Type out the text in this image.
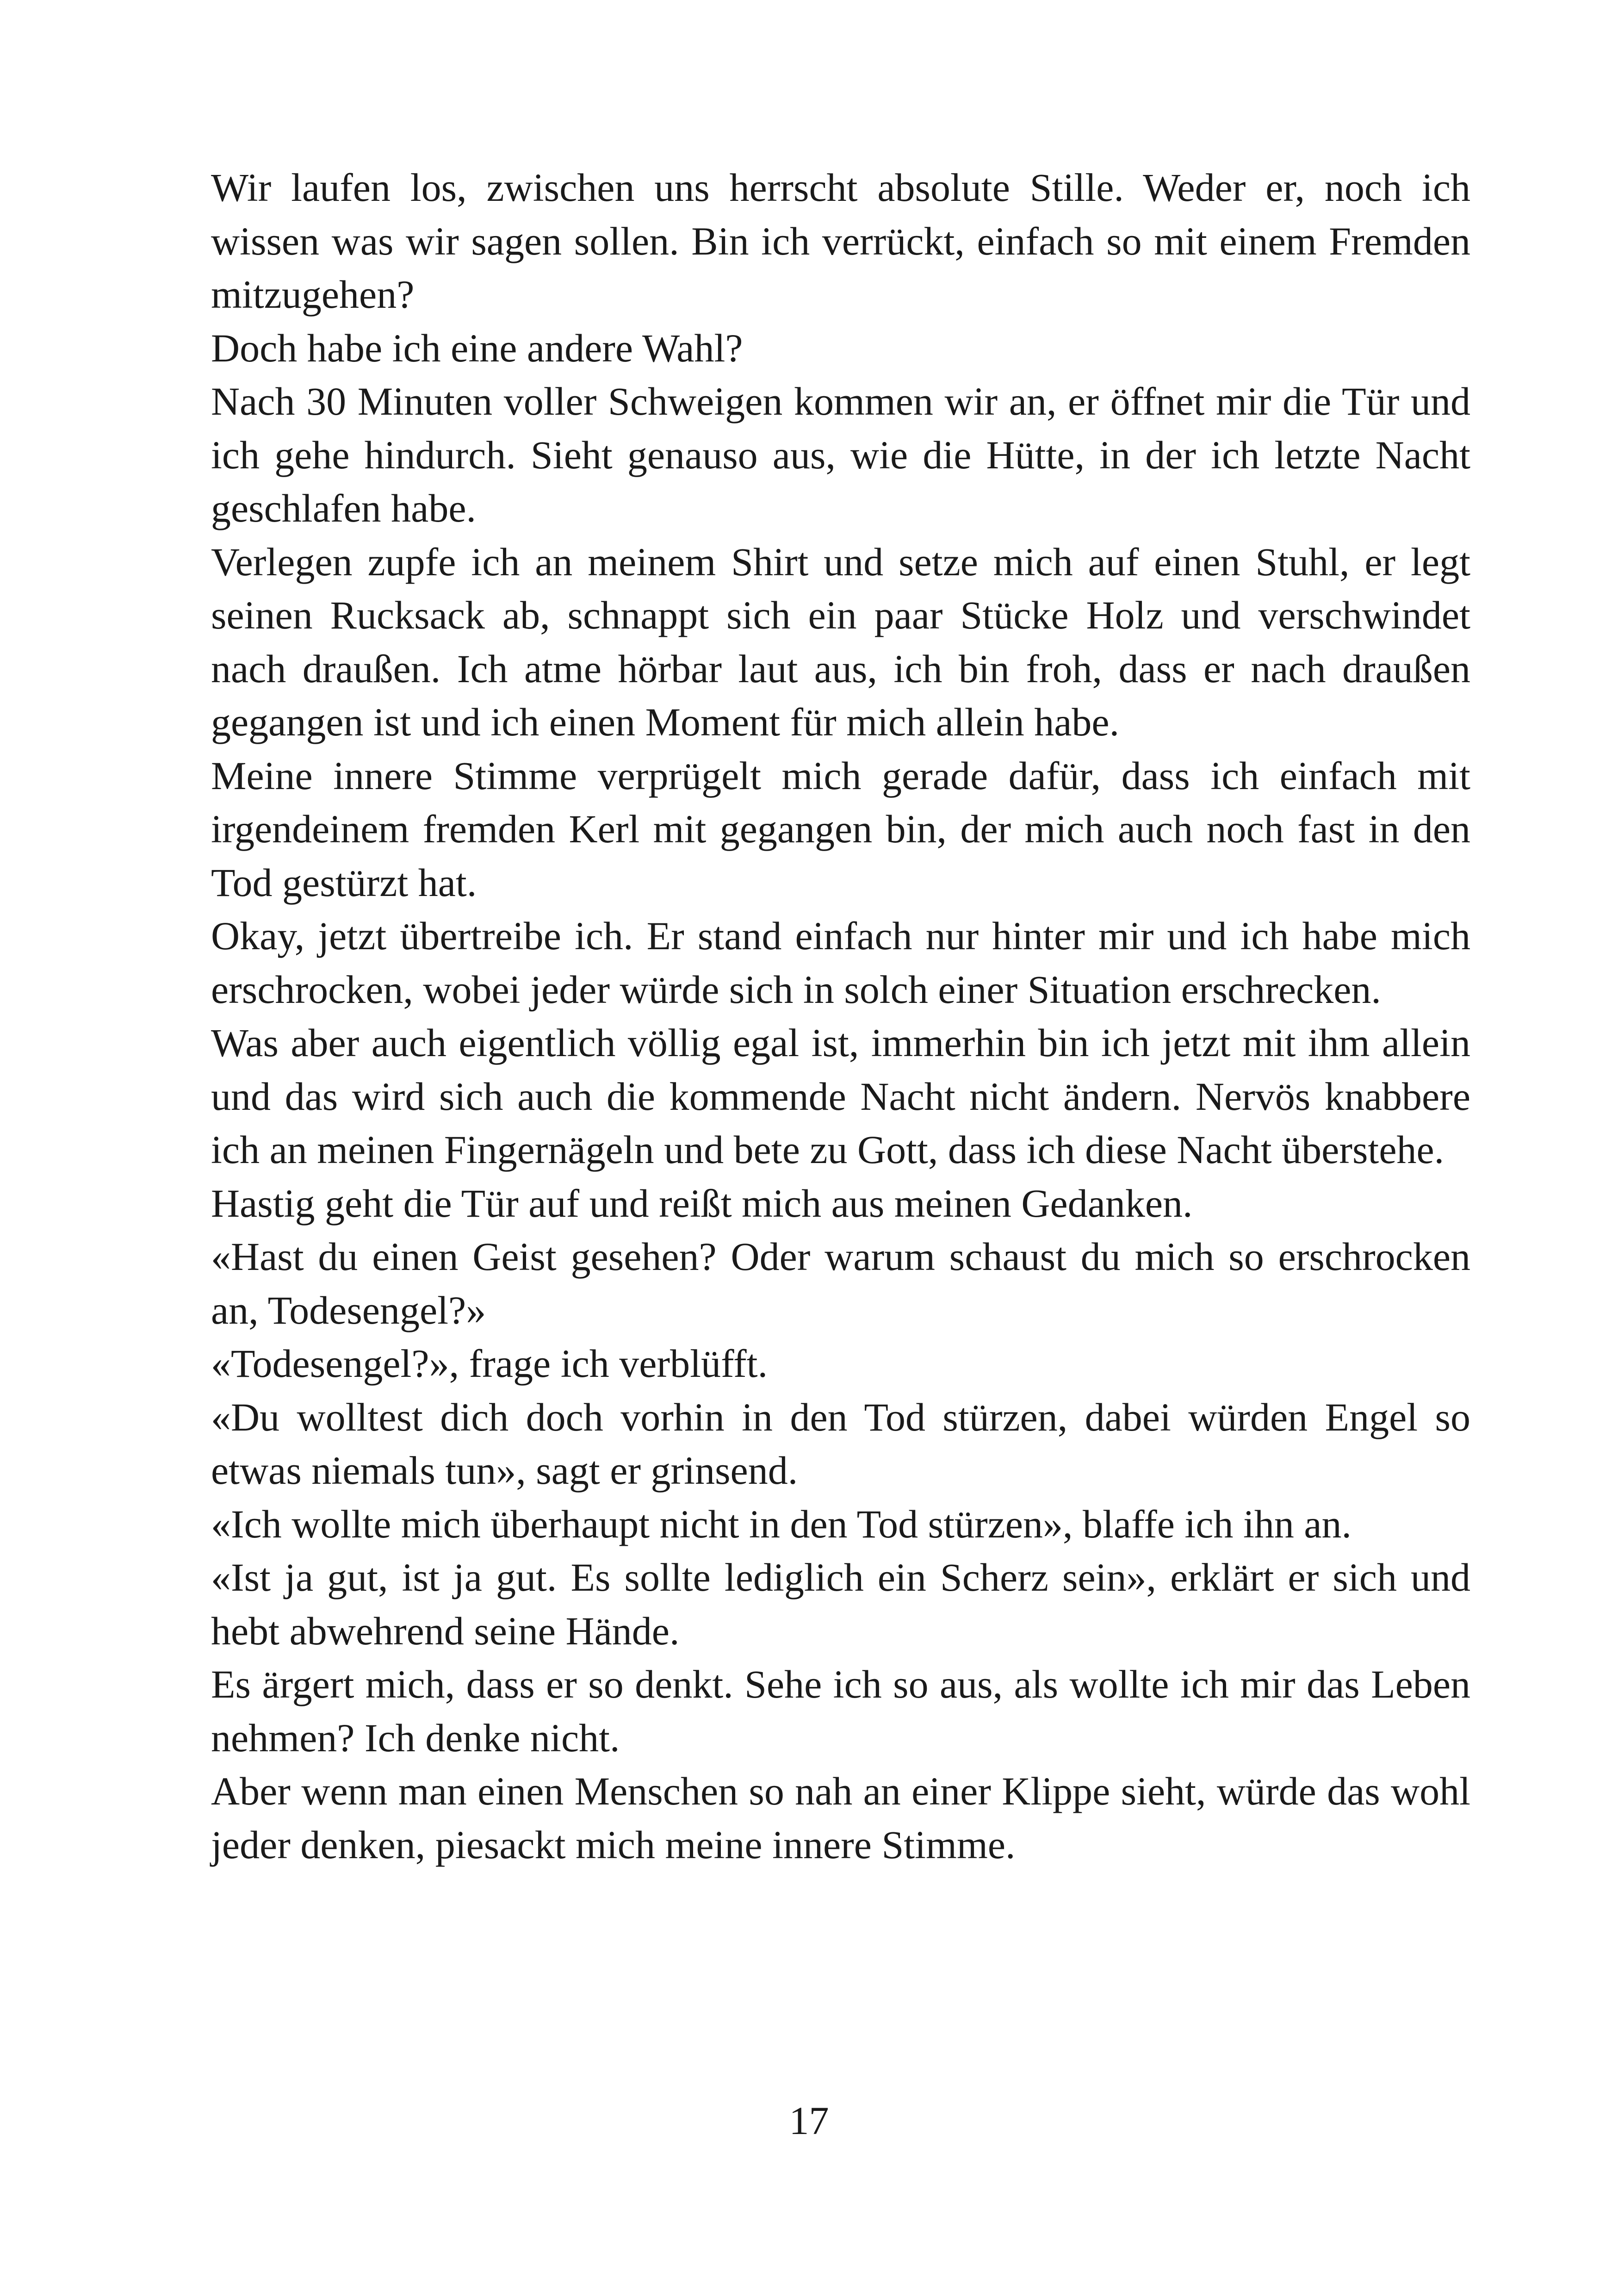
Wir laufen los, zwischen uns herrscht absolute Stille. Weder er, noch ich wissen was wir sagen sollen. Bin ich verrückt, einfach so mit einem Fremden mitzugehen?

Doch habe ich eine andere Wahl?

Nach 30 Minuten voller Schweigen kommen wir an, er öffnet mir die Tür und ich gehe hindurch. Sieht genauso aus, wie die Hütte, in der ich letzte Nacht geschlafen habe.

Verlegen zupfe ich an meinem Shirt und setze mich auf einen Stuhl, er legt seinen Rucksack ab, schnappt sich ein paar Stücke Holz und verschwindet nach draußen. Ich atme hörbar laut aus, ich bin froh, dass er nach draußen gegangen ist und ich einen Moment für mich allein habe.

Meine innere Stimme verprügelt mich gerade dafür, dass ich einfach mit irgendeinem fremden Kerl mit gegangen bin, der mich auch noch fast in den Tod gestürzt hat.

Okay, jetzt übertreibe ich. Er stand einfach nur hinter mir und ich habe mich erschrocken, wobei jeder würde sich in solch einer Situation erschrecken.

Was aber auch eigentlich völlig egal ist, immerhin bin ich jetzt mit ihm allein und das wird sich auch die kommende Nacht nicht ändern. Nervös knabbere ich an meinen Fingernägeln und bete zu Gott, dass ich diese Nacht überstehe.

Hastig geht die Tür auf und reißt mich aus meinen Gedanken.

«Hast du einen Geist gesehen? Oder warum schaust du mich so erschrocken an, Todesengel?»

«Todesengel?», frage ich verblüfft.

«Du wolltest dich doch vorhin in den Tod stürzen, dabei würden Engel so etwas niemals tun», sagt er grinsend.

«Ich wollte mich überhaupt nicht in den Tod stürzen», blaffe ich ihn an.

«Ist ja gut, ist ja gut. Es sollte lediglich ein Scherz sein», erklärt er sich und hebt abwehrend seine Hände.

Es ärgert mich, dass er so denkt. Sehe ich so aus, als wollte ich mir das Leben nehmen? Ich denke nicht.

Aber wenn man einen Menschen so nah an einer Klippe sieht, würde das wohl jeder denken, piesackt mich meine innere Stimme.

17
